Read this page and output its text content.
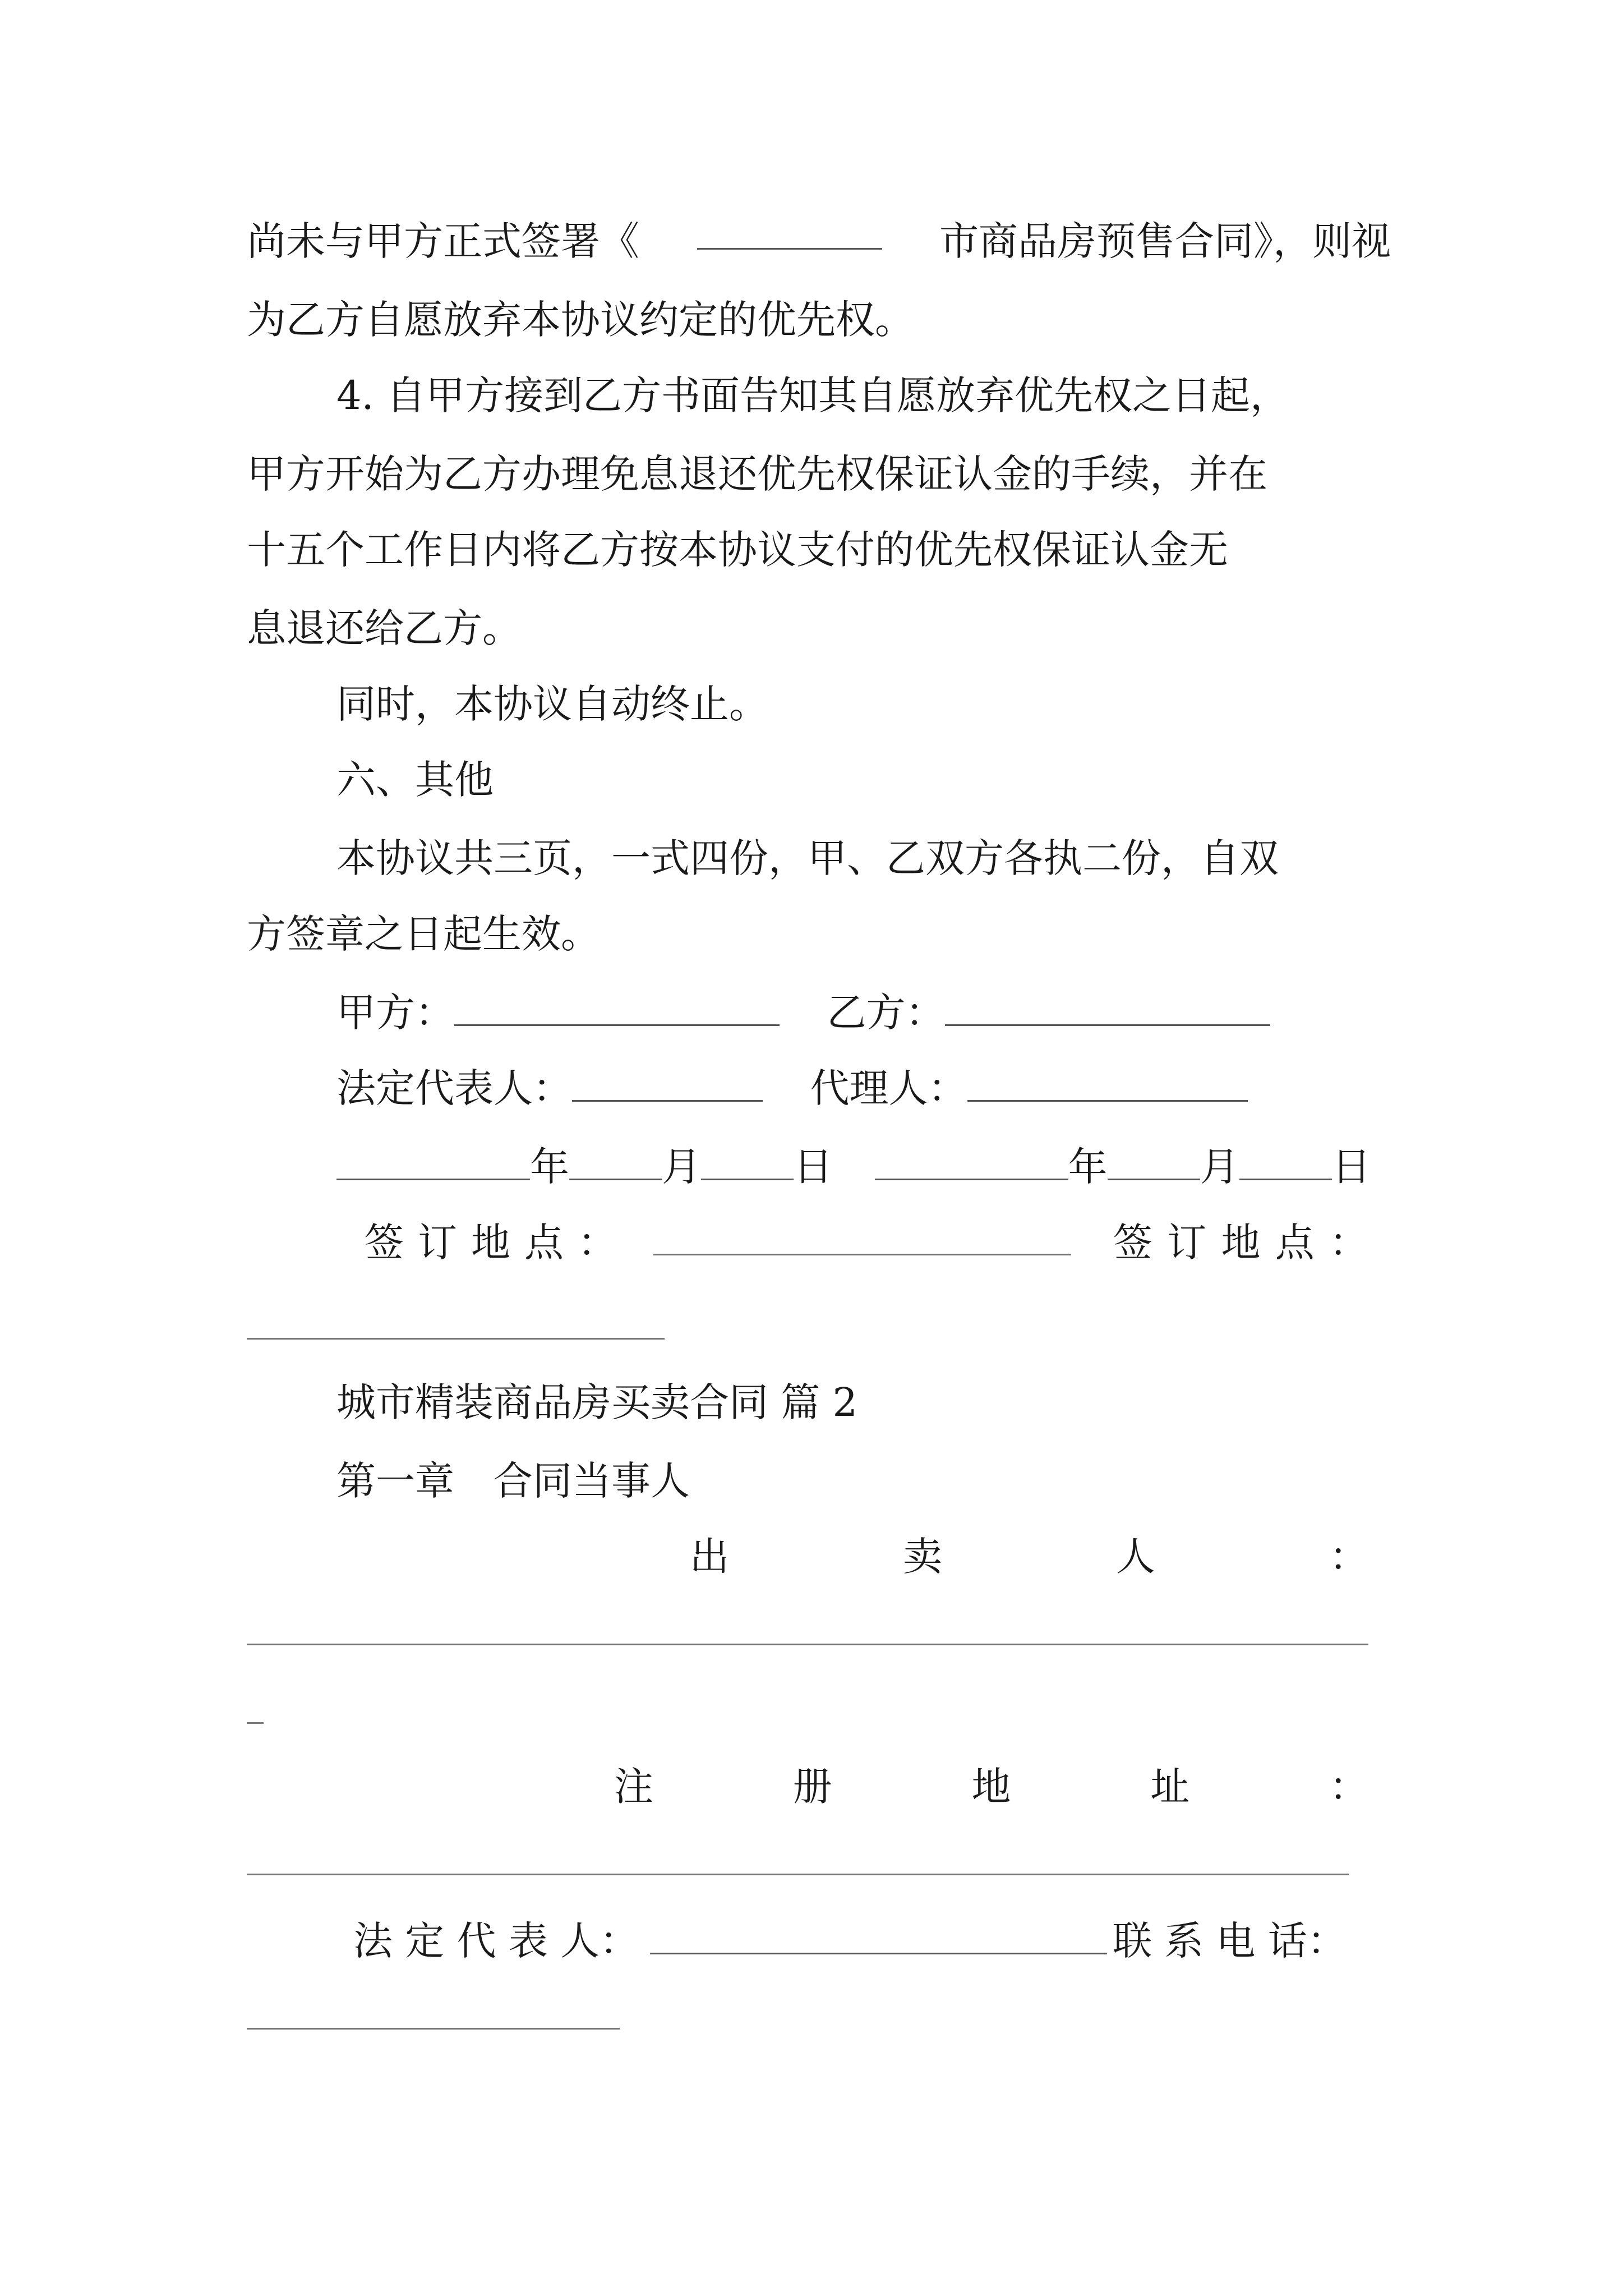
尚未与甲方正式签署《	市商品房预售合同》，则视
为乙方自愿放弃本协议约定的优先权。
4. 自甲方接到乙方书面告知其自愿放弃优先权之日起，
甲方开始为乙方办理免息退还优先权保证认金的手续，并在
十五个工作日内将乙方按本协议支付的优先权保证认金无
息退还给乙方。
同时，本协议自动终止。
六、其他
本协议共三页，一式四份，甲、乙双方各执二份，自双
方签章之日起生效。
甲方：	乙方：
法定代表人：	代理人：
年 月 日	年 月 日
签 订 地 点 ：	签 订 地 点 ：
城市精装商品房买卖合同 篇 2
第一章　合同当事人
出	卖	人	：
注	册	地	址	：
法 定 代 表 人：	联 系 电 话：
